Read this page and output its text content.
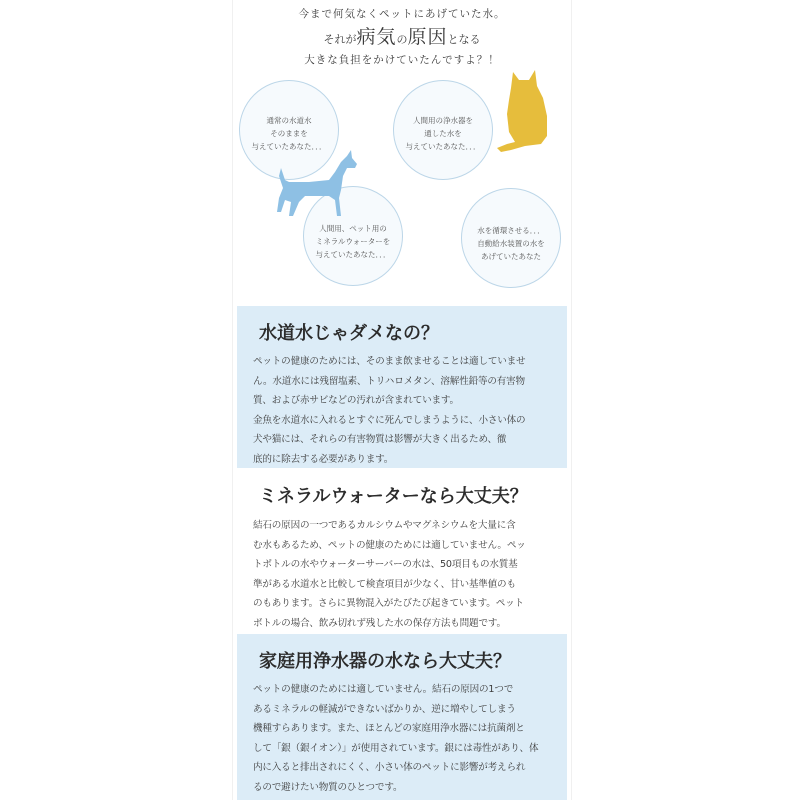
今まで何気なくペットにあげていた水。
それが病気の原因となる
大きな負担をかけていたんですよ？！
通常の水道水
そのままを
与えていたあなた．．．
人間用の浄水器を
通した水を
与えていたあなた．．．
人間用、ペット用の
ミネラルウォーターを
与えていたあなた．．．
水を循環させる．．．
自動給水装置の水を
あげていたあなた
水道水じゃダメなの？
ペットの健康のためには、そのまま飲ませることは適していませ
ん。水道水には残留塩素、トリハロメタン、溶解性鉛等の有害物
質、および赤サビなどの汚れが含まれています。
金魚を水道水に入れるとすぐに死んでしまうように、小さい体の
犬や猫には、それらの有害物質は影響が大きく出るため、徹
底的に除去する必要があります。
ミネラルウォーターなら大丈夫？
結石の原因の一つであるカルシウムやマグネシウムを大量に含
む水もあるため、ペットの健康のためには適していません。ペッ
トボトルの水やウォーターサーバーの水は、50項目もの水質基
準がある水道水と比較して検査項目が少なく、甘い基準値のも
のもあります。さらに異物混入がたびたび起きています。ペット
ボトルの場合、飲み切れず残した水の保存方法も問題です。
家庭用浄水器の水なら大丈夫？
ペットの健康のためには適していません。結石の原因の1つで
あるミネラルの軽減ができないばかりか、逆に増やしてしまう
機種すらあります。また、ほとんどの家庭用浄水器には抗菌剤と
して「銀（銀イオン）」が使用されています。銀には毒性があり、体
内に入ると排出されにくく、小さい体のペットに影響が考えられ
るので避けたい物質のひとつです。
